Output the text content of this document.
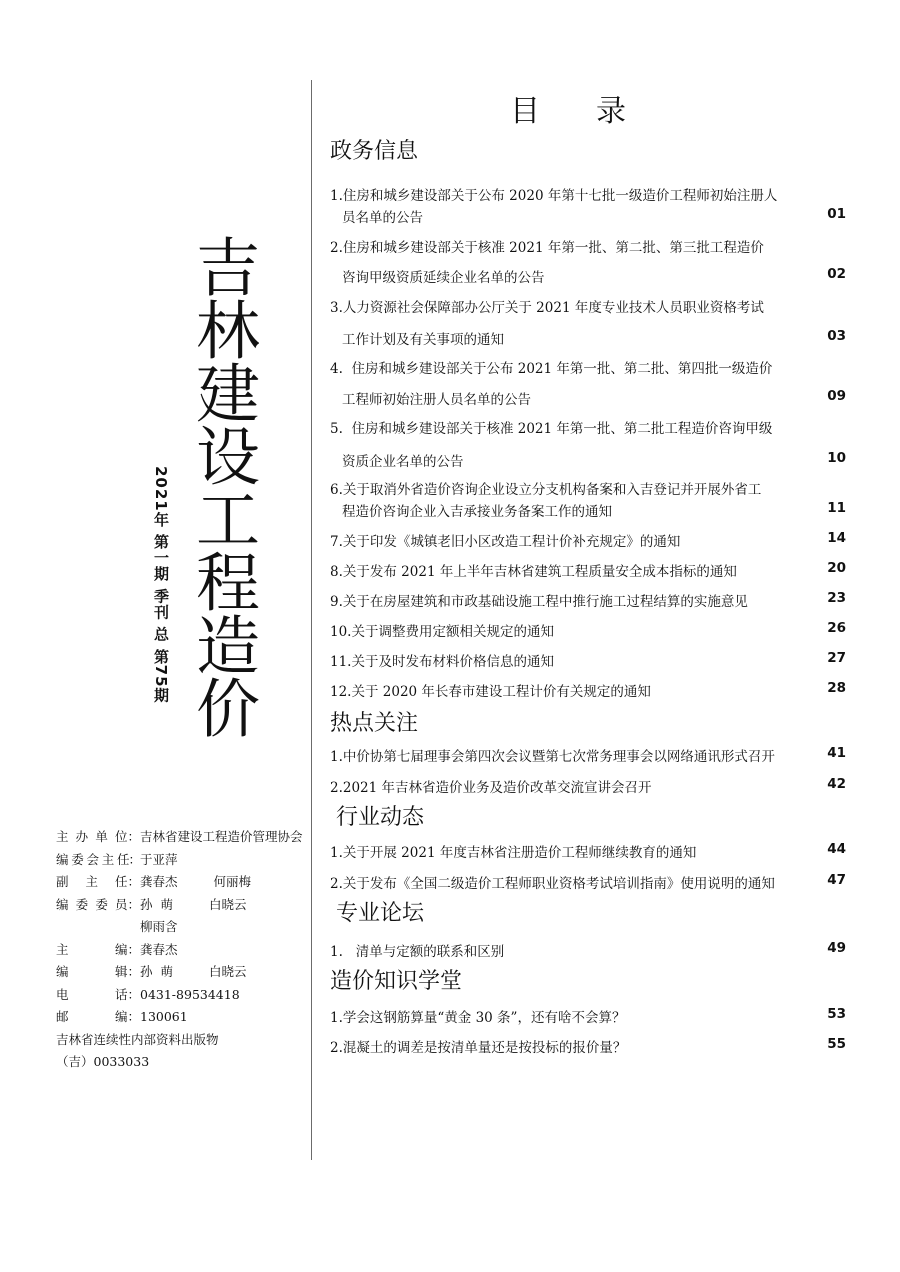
吉林建设工程造价
2021年 第一期 季刊 总 第75期
主 办 单 位： 吉林省建设工程造价管理协会
编 委 会 主 任： 于亚萍
副 主 任： 龚春杰	何丽梅
编 委 委 员： 孙  萌	白晓云
柳雨含
主	编： 龚春杰
编	辑： 孙  萌	白晓云
电	话： 0431-89534418
邮	编： 130061
吉林省连续性内部资料出版物
（吉）0033033
目 录
1.住房和城乡建设部关于公布 2020 年第十七批一级造价工程师初始注册人
员名单的公告	01
2.住房和城乡建设部关于核准 2021 年第一批、第二批、第三批工程造价
咨询甲级资质延续企业名单的公告	02
3.人力资源社会保障部办公厅关于 2021 年度专业技术人员职业资格考试
工作计划及有关事项的通知	03
4.  住房和城乡建设部关于公布 2021 年第一批、第二批、第四批一级造价
工程师初始注册人员名单的公告	09
5.  住房和城乡建设部关于核准 2021 年第一批、第二批工程造价咨询甲级
资质企业名单的公告	10
6.关于取消外省造价咨询企业设立分支机构备案和入吉登记并开展外省工
程造价咨询企业入吉承接业务备案工作的通知	11
7.关于印发《城镇老旧小区改造工程计价补充规定》的通知	14
8.关于发布 2021 年上半年吉林省建筑工程质量安全成本指标的通知	20
9.关于在房屋建筑和市政基础设施工程中推行施工过程结算的实施意见	23
10.关于调整费用定额相关规定的通知	26
11.关于及时发布材料价格信息的通知	27
12.关于 2020 年长春市建设工程计价有关规定的通知	28
1.中价协第七届理事会第四次会议暨第七次常务理事会以网络通讯形式召开	41
2.2021 年吉林省造价业务及造价改革交流宣讲会召开	42
1.关于开展 2021 年度吉林省注册造价工程师继续教育的通知	44
2.关于发布《全国二级造价工程师职业资格考试培训指南》使用说明的通知	47
1.   清单与定额的联系和区别	49
1.学会这钢筋算量“黄金 30 条”，还有啥不会算？	53
2.混凝土的调差是按清单量还是按投标的报价量？	55
政务信息
热点关注
行业动态
专业论坛
造价知识学堂
